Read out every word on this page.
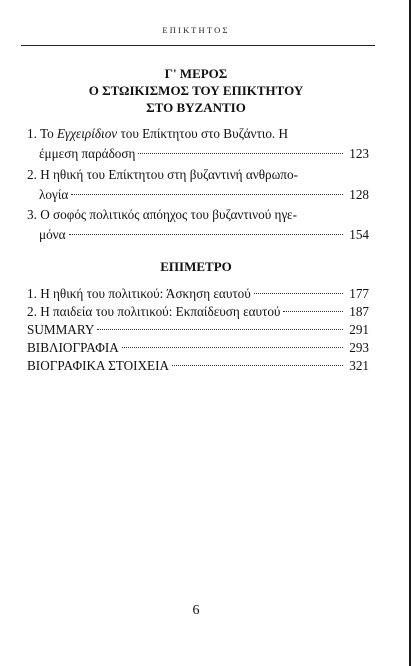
ΕΠΙΚΤΗΤΟΣ
Γ' ΜΕΡΟΣ
Ο ΣΤΩΙΚΙΣΜΟΣ ΤΟΥ ΕΠΙΚΤΗΤΟΥ
ΣΤΟ ΒΥΖΑΝΤΙΟ
1. Το Εγχειρίδιον του Επίκτητου στο Βυζάντιο. Η
έμμεση παράδοση	123
2. Η ηθική του Επίκτητου στη βυζαντινή ανθρωπο-
λογία	128
3. Ο σοφός πολιτικός απόηχος του βυζαντινού ηγε-
μόνα	154
ΕΠΙΜΕΤΡΟ
1. Η ηθική του πολιτικού: Άσκηση εαυτού	177
2. Η παιδεία του πολιτικού: Εκπαίδευση εαυτού	187
SUMMARY	291
ΒΙΒΛΙΟΓΡΑΦΙΑ	293
ΒΙΟΓΡΑΦΙΚΑ ΣΤΟΙΧΕΙΑ	321
6
